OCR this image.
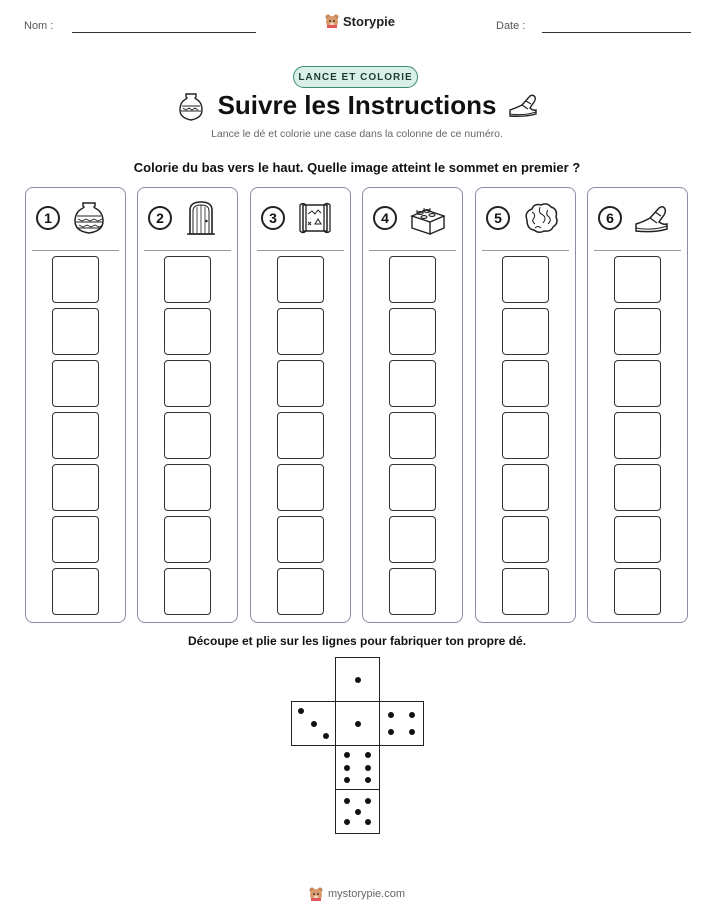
Nom :	Storypie	Date :
LANCE ET COLORIE
Suivre les Instructions
Lance le dé et colorie une case dans la colonne de ce numéro.
Colorie du bas vers le haut. Quelle image atteint le sommet en premier ?
1	2	3	4	5	6
Découpe et plie sur les lignes pour fabriquer ton propre dé.
mystorypie.com
